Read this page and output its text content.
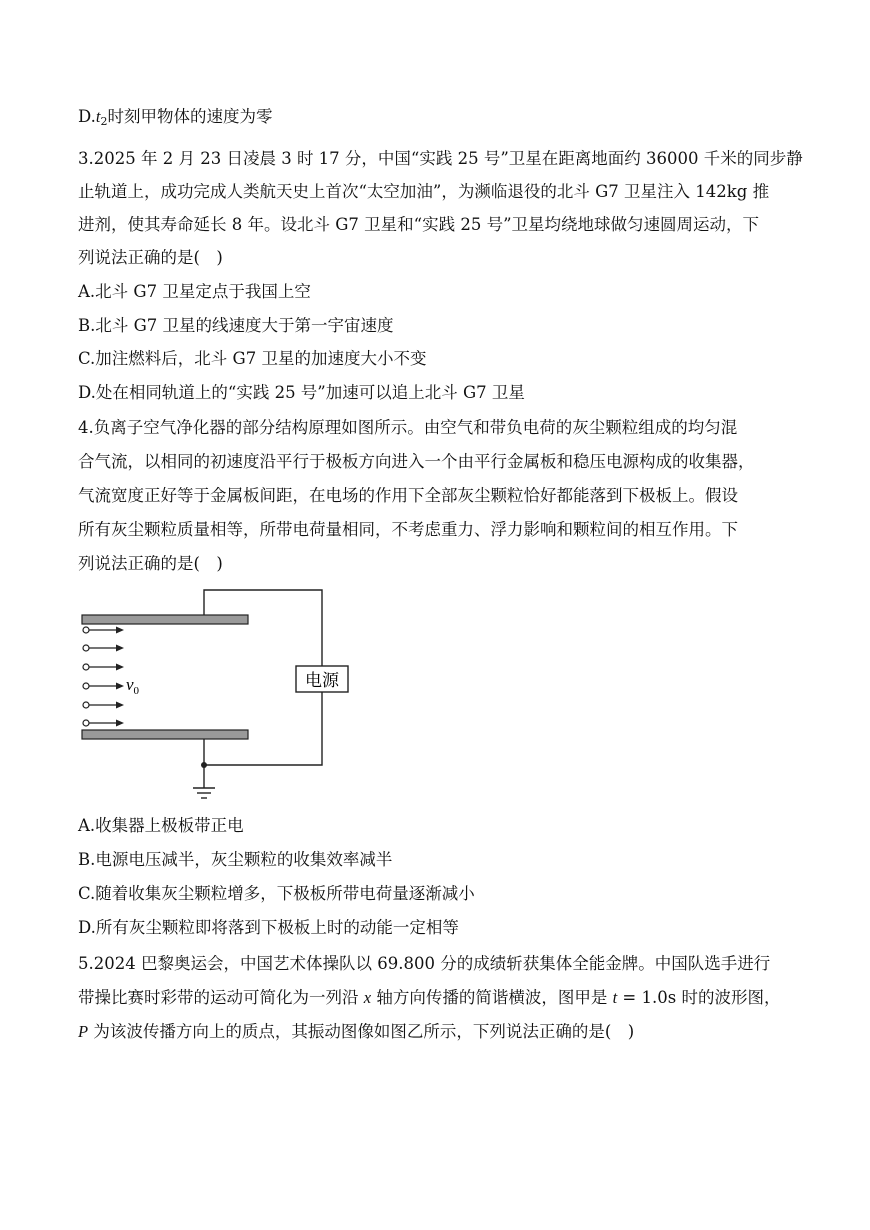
$D.t_2$时刻甲物体的速度为零
3.2025 年 2 月 23 日凌晨 3 时 17 分，中国“实践 25 号”卫星在距离地面约 36000 千米的同步静
止轨道上，成功完成人类航天史上首次“太空加油”，为濒临退役的北斗 G7 卫星注入 142kg 推
进剂，使其寿命延长 8 年。设北斗 G7 卫星和“实践 25 号”卫星均绕地球做匀速圆周运动，下
列说法正确的是(　)
A.北斗 G7 卫星定点于我国上空
B.北斗 G7 卫星的线速度大于第一宇宙速度
C.加注燃料后，北斗 G7 卫星的加速度大小不变
D.处在相同轨道上的“实践 25 号”加速可以追上北斗 G7 卫星
4.负离子空气净化器的部分结构原理如图所示。由空气和带负电荷的灰尘颗粒组成的均匀混
合气流，以相同的初速度沿平行于极板方向进入一个由平行金属板和稳压电源构成的收集器，
气流宽度正好等于金属板间距，在电场的作用下全部灰尘颗粒恰好都能落到下极板上。假设
所有灰尘颗粒质量相等，所带电荷量相同，不考虑重力、浮力影响和颗粒间的相互作用。下
列说法正确的是(　)
电源
$v_0$
A.收集器上极板带正电
B.电源电压减半，灰尘颗粒的收集效率减半
C.随着收集灰尘颗粒增多，下极板所带电荷量逐渐减小
D.所有灰尘颗粒即将落到下极板上时的动能一定相等
5.2024 巴黎奥运会，中国艺术体操队以 69.800 分的成绩斩获集体全能金牌。中国队选手进行
带操比赛时彩带的运动可简化为一列沿 x 轴方向传播的简谐横波，图甲是 t = 1.0s 时的波形图，
P 为该波传播方向上的质点，其振动图像如图乙所示，下列说法正确的是(　)
